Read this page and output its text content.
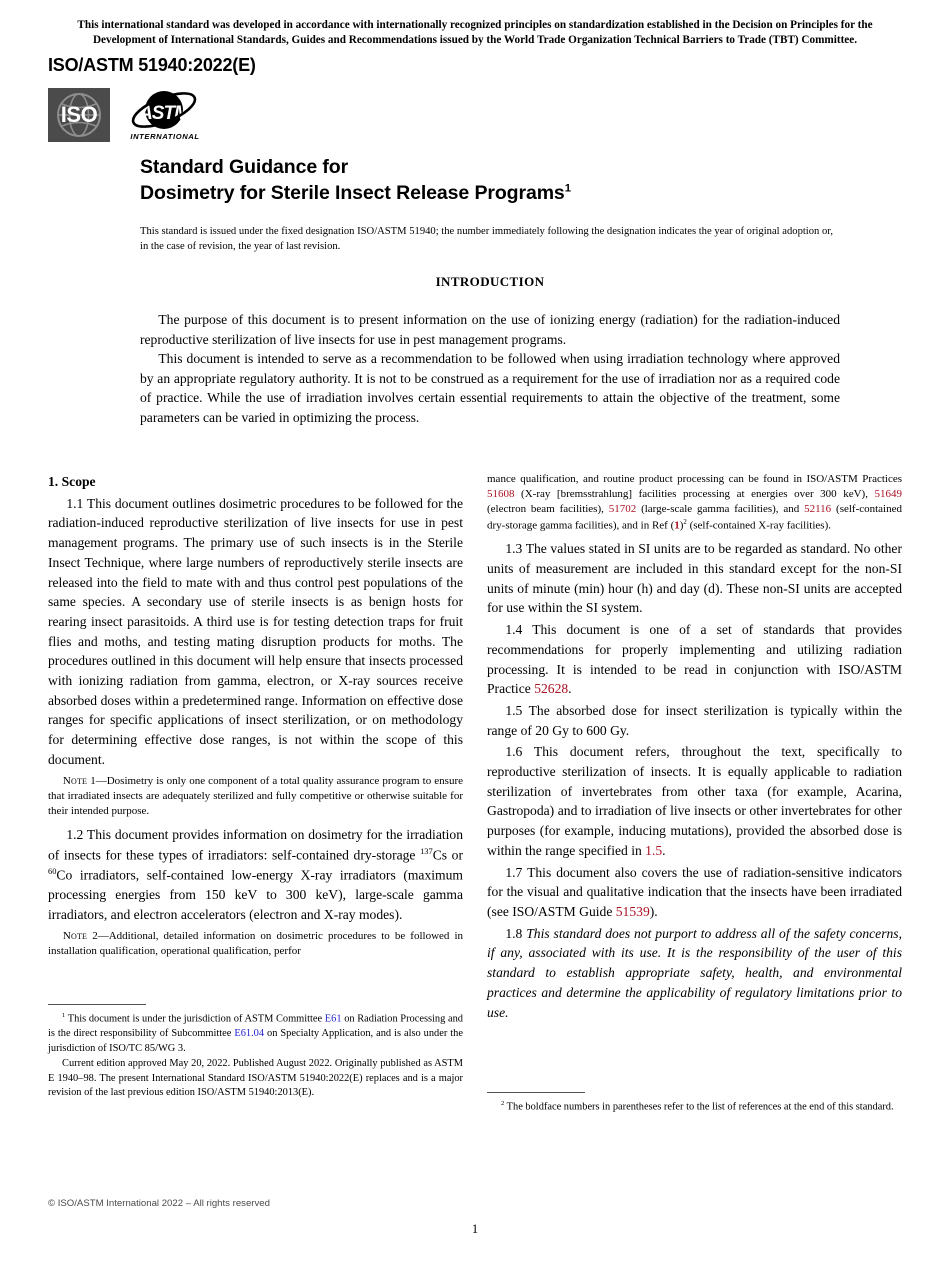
This international standard was developed in accordance with internationally recognized principles on standardization established in the Decision on Principles for the Development of International Standards, Guides and Recommendations issued by the World Trade Organization Technical Barriers to Trade (TBT) Committee.
ISO/ASTM 51940:2022(E)
ISO	ASTM
INTERNATIONAL
Standard Guidance for
Dosimetry for Sterile Insect Release Programs$^1$
This standard is issued under the fixed designation ISO/ASTM 51940; the number immediately following the designation indicates the year of original adoption or, in the case of revision, the year of last revision.
INTRODUCTION

The purpose of this document is to present information on the use of ionizing energy (radiation) for the radiation-induced reproductive sterilization of live insects for use in pest management programs.

This document is intended to serve as a recommendation to be followed when using irradiation technology where approved by an appropriate regulatory authority. It is not to be construed as a requirement for the use of irradiation nor as a required code of practice. While the use of irradiation involves certain essential requirements to attain the objective of the treatment, some parameters can be varied in optimizing the process.

1. Scope

1.1 This document outlines dosimetric procedures to be followed for the radiation-induced reproductive sterilization of live insects for use in pest management programs. The primary use of such insects is in the Sterile Insect Technique, where large numbers of reproductively sterile insects are released into the field to mate with and thus control pest populations of the same species. A secondary use of sterile insects is as benign hosts for rearing insect parasitoids. A third use is for testing detection traps for fruit flies and moths, and testing mating disruption products for moths. The procedures outlined in this document will help ensure that insects processed with ionizing radiation from gamma, electron, or X-ray sources receive absorbed doses within a predetermined range. Information on effective dose ranges for specific applications of insect sterilization, or on methodology for determining effective dose ranges, is not within the scope of this document.

Note 1—Dosimetry is only one component of a total quality assurance program to ensure that irradiated insects are adequately sterilized and fully competitive or otherwise suitable for their intended purpose.

1.2 This document provides information on dosimetry for the irradiation of insects for these types of irradiators: self-contained dry-storage $^{137}$Cs or $^{60}$Co irradiators, self-contained low-energy X-ray irradiators (maximum processing energies from 150 keV to 300 keV), large-scale gamma irradiators, and electron accelerators (electron and X-ray modes).

Note 2—Additional, detailed information on dosimetric procedures to be followed in installation qualification, operational qualification, perfor

mance qualification, and routine product processing can be found in ISO/ASTM Practices 51608 (X-ray [bremsstrahlung] facilities processing at energies over 300 keV), 51649 (electron beam facilities), 51702 (large-scale gamma facilities), and 52116 (self-contained dry-storage gamma facilities), and in Ref $(1)^2$ (self-contained X-ray facilities).

1.3 The values stated in SI units are to be regarded as standard. No other units of measurement are included in this standard except for the non-SI units of minute (min) hour (h) and day (d). These non-SI units are accepted for use within the SI system.

1.4 This document is one of a set of standards that provides recommendations for properly implementing and utilizing radiation processing. It is intended to be read in conjunction with ISO/ASTM Practice 52628.

1.5 The absorbed dose for insect sterilization is typically within the range of 20 Gy to 600 Gy.

1.6 This document refers, throughout the text, specifically to reproductive sterilization of insects. It is equally applicable to radiation sterilization of invertebrates from other taxa (for example, Acarina, Gastropoda) and to irradiation of live insects or other invertebrates for other purposes (for example, inducing mutations), provided the absorbed dose is within the range specified in 1.5.

1.7 This document also covers the use of radiation-sensitive indicators for the visual and qualitative indication that the insects have been irradiated (see ISO/ASTM Guide 51539).

1.8 This standard does not purport to address all of the safety concerns, if any, associated with its use. It is the responsibility of the user of this standard to establish appropriate safety, health, and environmental practices and determine the applicability of regulatory limitations prior to use.

$^1$ This document is under the jurisdiction of ASTM Committee E61 on Radiation Processing and is the direct responsibility of Subcommittee E61.04 on Specialty Application, and is also under the jurisdiction of ISO/TC 85/WG 3.

Current edition approved May 20, 2022. Published August 2022. Originally published as ASTM E 1940–98. The present International Standard ISO/ASTM 51940:2022(E) replaces and is a major revision of the last previous edition ISO/ASTM 51940:2013(E).

$^2$ The boldface numbers in parentheses refer to the list of references at the end of this standard.

© ISO/ASTM International 2022 – All rights reserved
1
